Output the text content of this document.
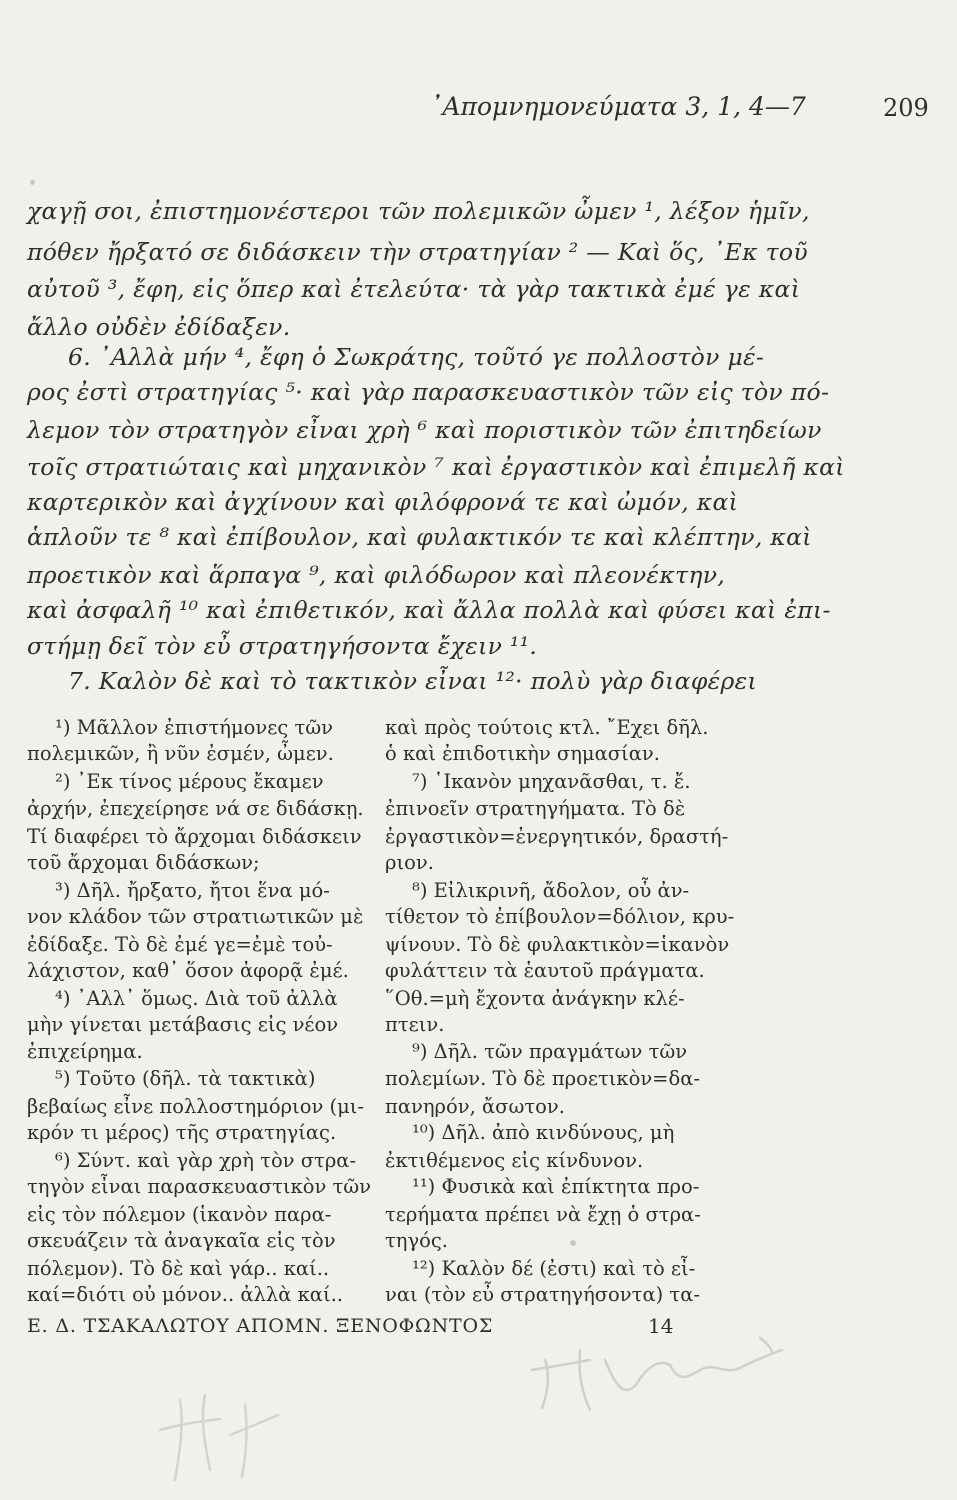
᾿Απομνημονεύματα 3, 1, 4—7	209
χαγῇ σοι, ἐπιστημονέστεροι τῶν πολεμικῶν ὦμεν ¹, λέξον ἡμῖν,
πόθεν ἤρξατό σε διδάσκειν τὴν στρατηγίαν ² — Καὶ ὅς, ᾿Εκ τοῦ
αὐτοῦ ³, ἔφη, εἰς ὅπερ καὶ ἐτελεύτα· τὰ γὰρ τακτικὰ ἐμέ γε καὶ
ἄλλο οὐδὲν ἐδίδαξεν.
6. ᾿Αλλὰ μήν ⁴, ἔφη ὁ Σωκράτης, τοῦτό γε πολλοστὸν μέ-
ρος ἐστὶ στρατηγίας ⁵· καὶ γὰρ παρασκευαστικὸν τῶν εἰς τὸν πό-
λεμον τὸν στρατηγὸν εἶναι χρὴ ⁶ καὶ ποριστικὸν τῶν ἐπιτηδείων
τοῖς στρατιώταις καὶ μηχανικὸν ⁷ καὶ ἐργαστικὸν καὶ ἐπιμελῆ καὶ
καρτερικὸν καὶ ἀγχίνουν καὶ φιλόφρονά τε καὶ ὠμόν, καὶ
ἁπλοῦν τε ⁸ καὶ ἐπίβουλον, καὶ φυλακτικόν τε καὶ κλέπτην, καὶ
προετικὸν καὶ ἅρπαγα ⁹, καὶ φιλόδωρον καὶ πλεονέκτην,
καὶ ἀσφαλῆ ¹⁰ καὶ ἐπιθετικόν, καὶ ἄλλα πολλὰ καὶ φύσει καὶ ἐπι-
στήμῃ δεῖ τὸν εὖ στρατηγήσοντα ἔχειν ¹¹.
7. Καλὸν δὲ καὶ τὸ τακτικὸν εἶναι ¹²· πολὺ γὰρ διαφέρει
¹) Μᾶλλον ἐπιστήμονες τῶν
πολεμικῶν, ἢ νῦν ἐσμέν, ὦμεν.
²) ᾿Εκ τίνος μέρους ἔκαμεν
ἀρχήν, ἐπεχείρησε νά σε διδάσκῃ.
Τί διαφέρει τὸ ἄρχομαι διδάσκειν
τοῦ ἄρχομαι διδάσκων;
³) Δῆλ. ἤρξατο, ἤτοι ἕνα μό-
νον κλάδον τῶν στρατιωτικῶν μὲ
ἐδίδαξε. Τὸ δὲ ἐμέ γε=ἐμὲ τοὐ-
λάχιστον, καθ᾿ ὅσον ἀφορᾷ ἐμέ.
⁴) ᾿Αλλ᾿ ὅμως. Διὰ τοῦ ἀλλὰ
μὴν γίνεται μετάβασις εἰς νέον
ἐπιχείρημα.
⁵) Τοῦτο (δῆλ. τὰ τακτικὰ)
βεβαίως εἶνε πολλοστημόριον (μι-
κρόν τι μέρος) τῆς στρατηγίας.
⁶) Σύντ. καὶ γὰρ χρὴ τὸν στρα-
τηγὸν εἶναι παρασκευαστικὸν τῶν
εἰς τὸν πόλεμον (ἱκανὸν παρα-
σκευάζειν τὰ ἀναγκαῖα εἰς τὸν
πόλεμον). Τὸ δὲ καὶ γάρ.. καί..
καί=διότι οὐ μόνον.. ἀλλὰ καί..
καὶ πρὸς τούτοις κτλ. ῎Εχει δῆλ.
ὁ καὶ ἐπιδοτικὴν σημασίαν.
⁷) ῾Ικανὸν μηχανᾶσθαι, τ. ἔ.
ἐπινοεῖν στρατηγήματα. Τὸ δὲ
ἐργαστικὸν=ἐνεργητικόν, δραστή-
ριον.
⁸) Εἰλικρινῆ, ἄδολον, οὗ ἀν-
τίθετον τὸ ἐπίβουλον=δόλιον, κρυ-
ψίνουν. Τὸ δὲ φυλακτικὸν=ἱκανὸν
φυλάττειν τὰ ἑαυτοῦ πράγματα.
῞Οθ.=μὴ ἔχοντα ἀνάγκην κλέ-
πτειν.
⁹) Δῆλ. τῶν πραγμάτων τῶν
πολεμίων. Τὸ δὲ προετικὸν=δα-
πανηρόν, ἄσωτον.
¹⁰) Δῆλ. ἀπὸ κινδύνους, μὴ
ἐκτιθέμενος εἰς κίνδυνον.
¹¹) Φυσικὰ καὶ ἐπίκτητα προ-
τερήματα πρέπει νὰ ἔχῃ ὁ στρα-
τηγός.
¹²) Καλὸν δέ (ἐστι) καὶ τὸ εἶ-
ναι (τὸν εὖ στρατηγήσοντα) τα-
Ε. Δ. ΤΣΑΚΑΛΩΤΟΥ ΑΠΟΜΝ. ΞΕΝΟΦΩΝΤΟΣ	14
